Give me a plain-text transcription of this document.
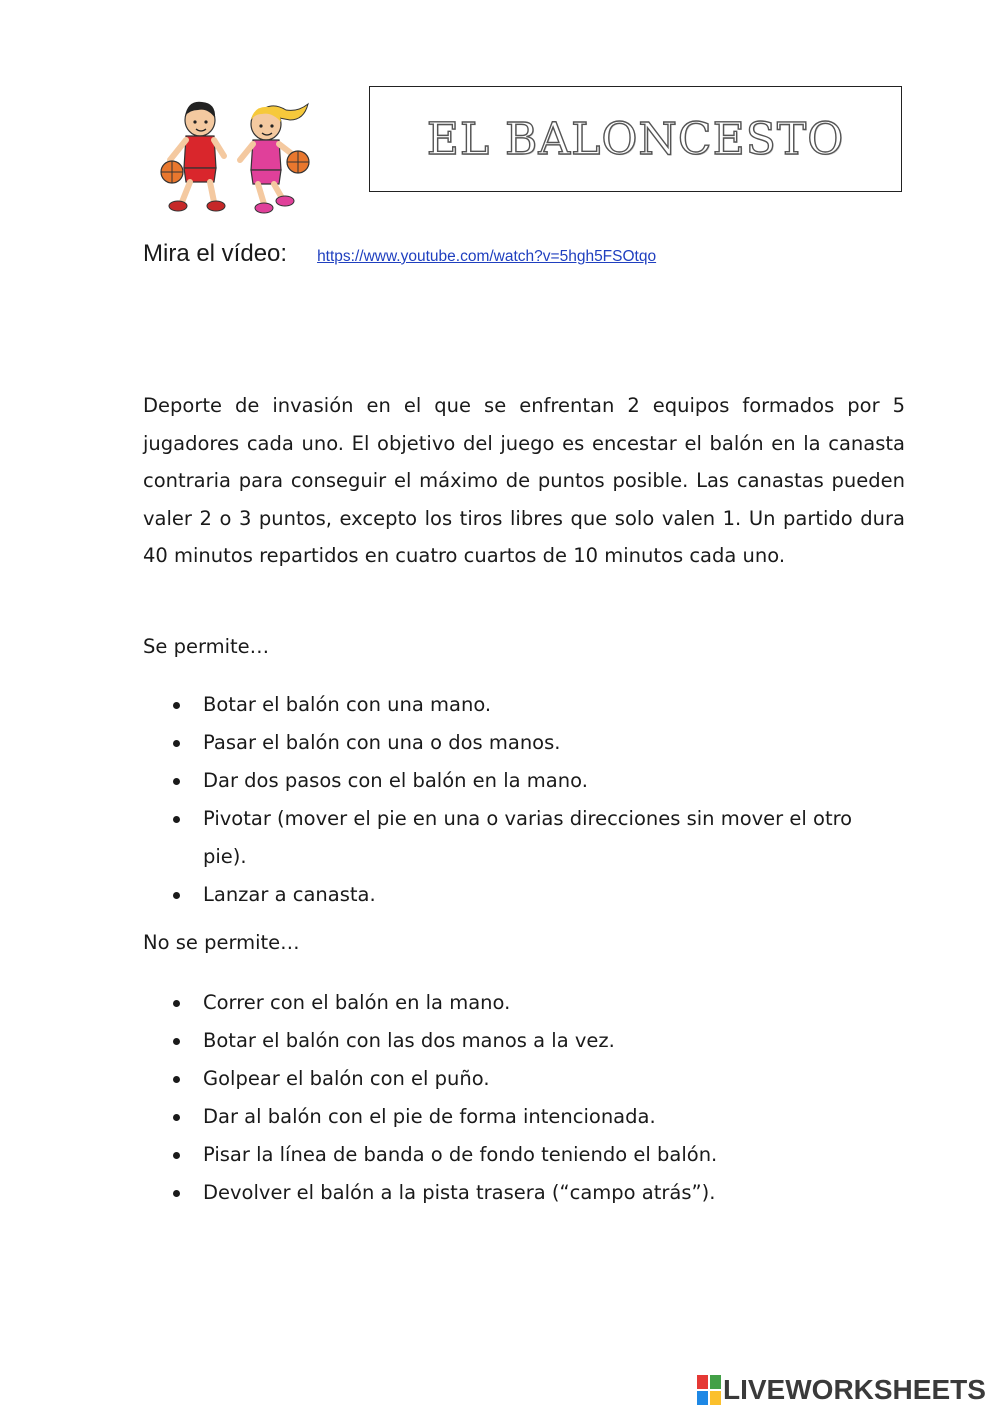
EL BALONCESTO
Mira el vídeo: https://www.youtube.com/watch?v=5hgh5FSOtqo

Deporte de invasión en el que se enfrentan 2 equipos formados por 5 jugadores cada uno. El objetivo del juego es encestar el balón en la canasta contraria para conseguir el máximo de puntos posible. Las canastas pueden valer 2 o 3 puntos, excepto los tiros libres que solo valen 1. Un partido dura 40 minutos repartidos en cuatro cuartos de 10 minutos cada uno.

Se permite…
Botar el balón con una mano.
Pasar el balón con una o dos manos.
Dar dos pasos con el balón en la mano.
Pivotar (mover el pie en una o varias direcciones sin mover el otro pie).
Lanzar a canasta.
No se permite…
Correr con el balón en la mano.
Botar el balón con las dos manos a la vez.
Golpear el balón con el puño.
Dar al balón con el pie de forma intencionada.
Pisar la línea de banda o de fondo teniendo el balón.
Devolver el balón a la pista trasera (“campo atrás”).
LIVEWORKSHEETS
